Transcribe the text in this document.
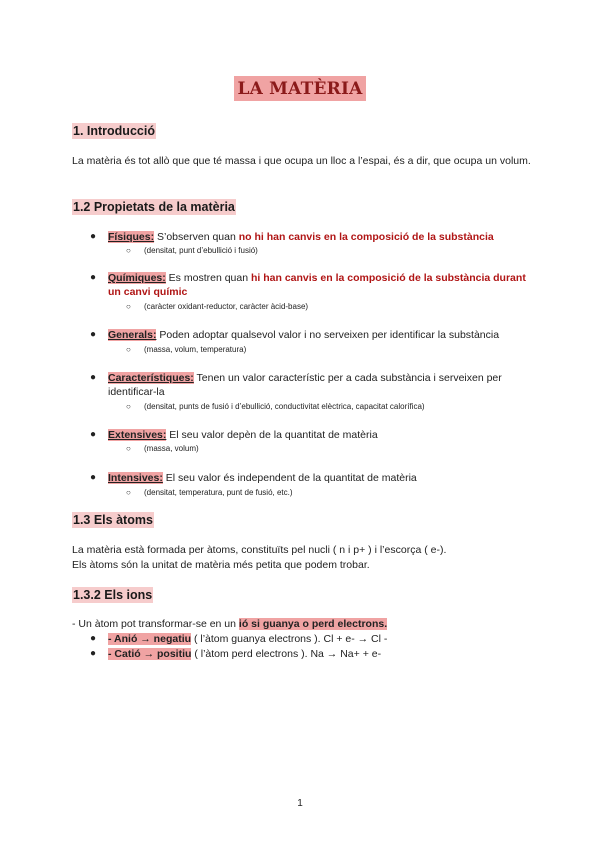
LA MATÈRIA
1. Introducció
La matèria és tot allò que que té massa i que ocupa un lloc a l’espai, és a dir, que ocupa un volum.
1.2 Propietats de la matèria
● Físiques: S’observen quan no hi han canvis en la composició de la substància
○ (densitat, punt d’ebullició i fusió)
● Químiques: Es mostren quan hi han canvis en la composició de la substància durant un canvi químic
○ (caràcter oxidant-reductor, caràcter àcid-base)
● Generals: Poden adoptar qualsevol valor i no serveixen per identificar la substància
○ (massa, volum, temperatura)
● Característiques: Tenen un valor característic per a cada substància i serveixen per identificar-la
○ (densitat, punts de fusió i d’ebullició, conductivitat elèctrica, capacitat calorífica)
● Extensives: El seu valor depèn de la quantitat de matèria
○ (massa, volum)
● Intensives: El seu valor és independent de la quantitat de matèria
○ (densitat, temperatura, punt de fusió, etc.)
1.3 Els àtoms
La matèria està formada per àtoms, constituïts pel nucli ( n i p+ ) i l’escorça ( e-).
Els àtoms són la unitat de matèria més petita que podem trobar.
1.3.2 Els ions
- Un àtom pot transformar-se en un ió si guanya o perd electrons.
● - Anió → negatiu ( l’àtom guanya electrons ). Cl + e- → Cl -
● - Catió → positiu ( l’àtom perd electrons ). Na → Na+ + e-
1
